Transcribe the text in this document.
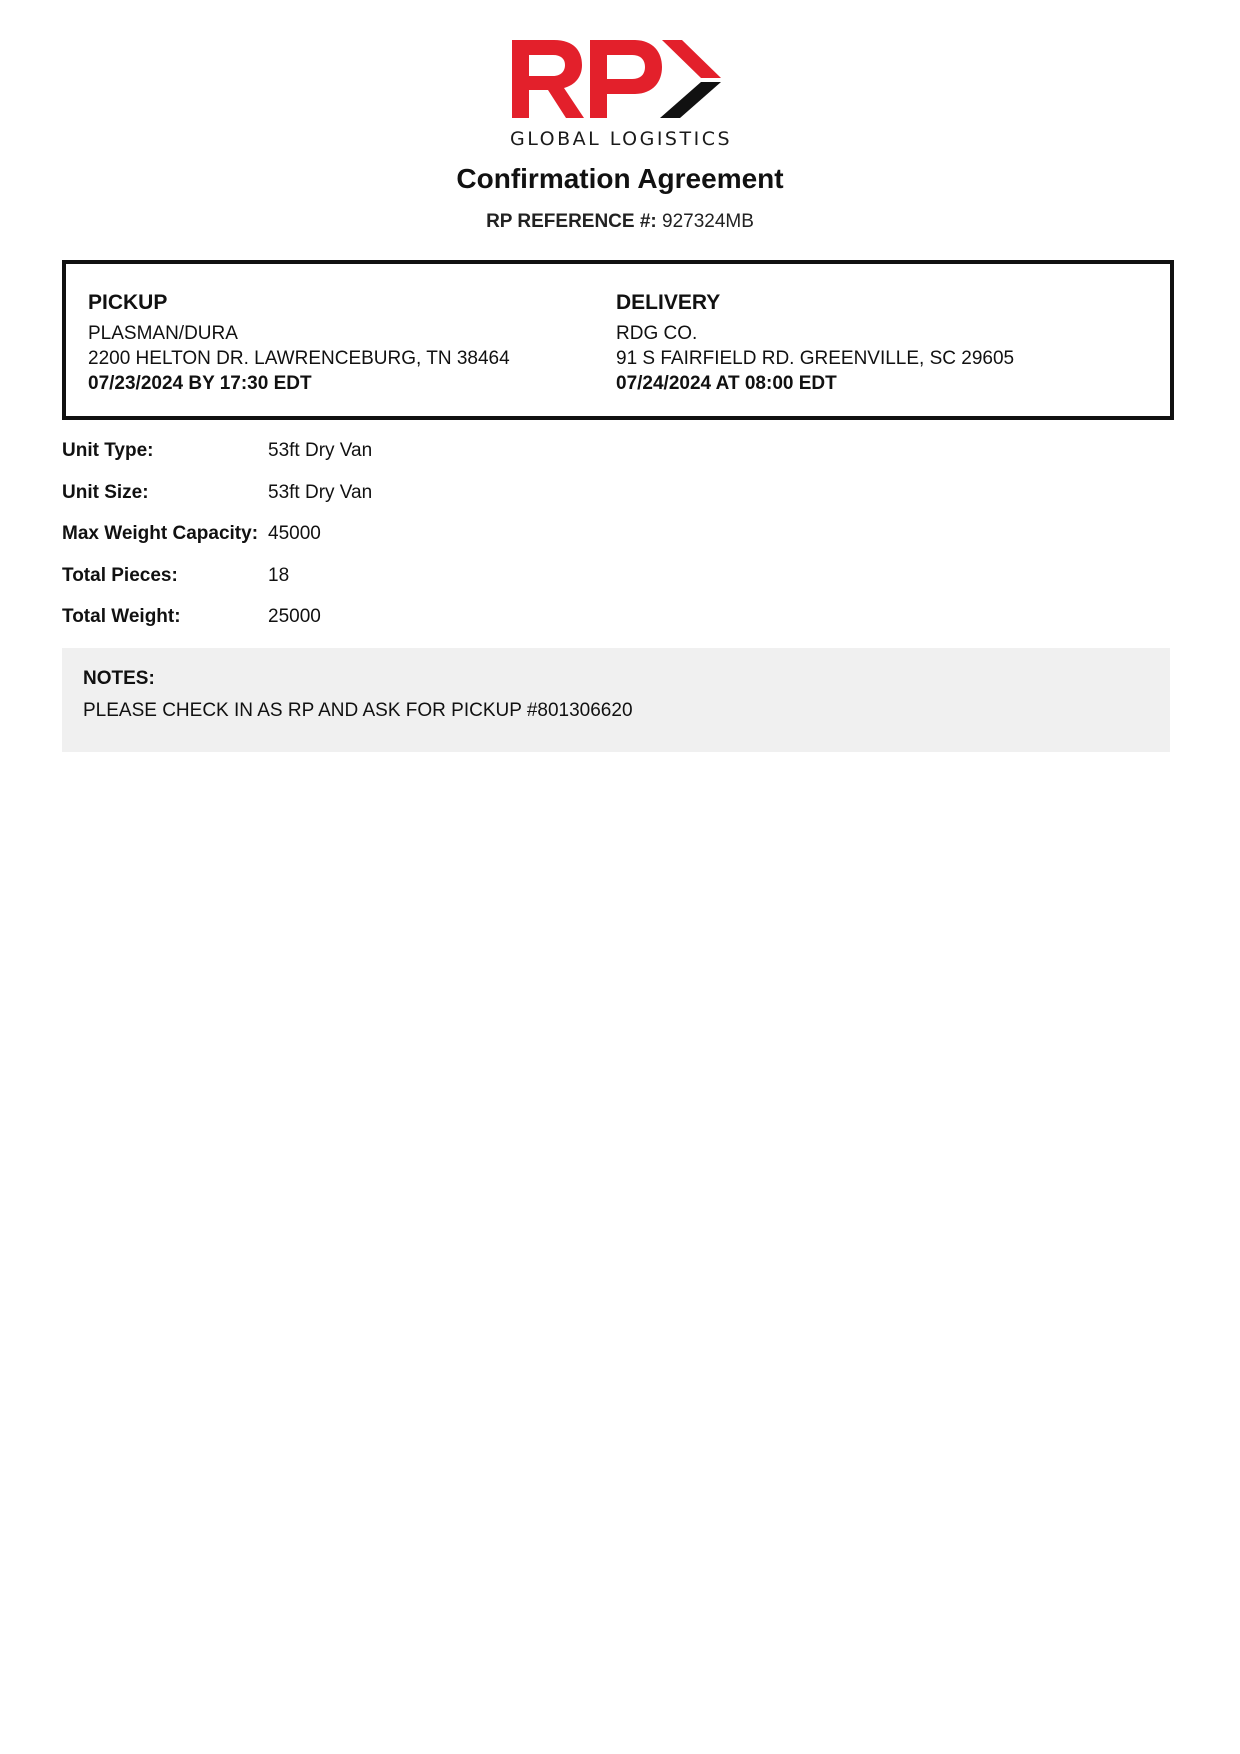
GLOBAL LOGISTICS
Confirmation Agreement
RP REFERENCE #: 927324MB
PICKUP
PLASMAN/DURA
2200 HELTON DR. LAWRENCEBURG, TN 38464
07/23/2024 BY 17:30 EDT
DELIVERY
RDG CO.
91 S FAIRFIELD RD. GREENVILLE, SC 29605
07/24/2024 AT 08:00 EDT
Unit Type:	53ft Dry Van
Unit Size:	53ft Dry Van
Max Weight Capacity: 45000
Total Pieces:	18
Total Weight:	25000
NOTES:
PLEASE CHECK IN AS RP AND ASK FOR PICKUP #801306620
